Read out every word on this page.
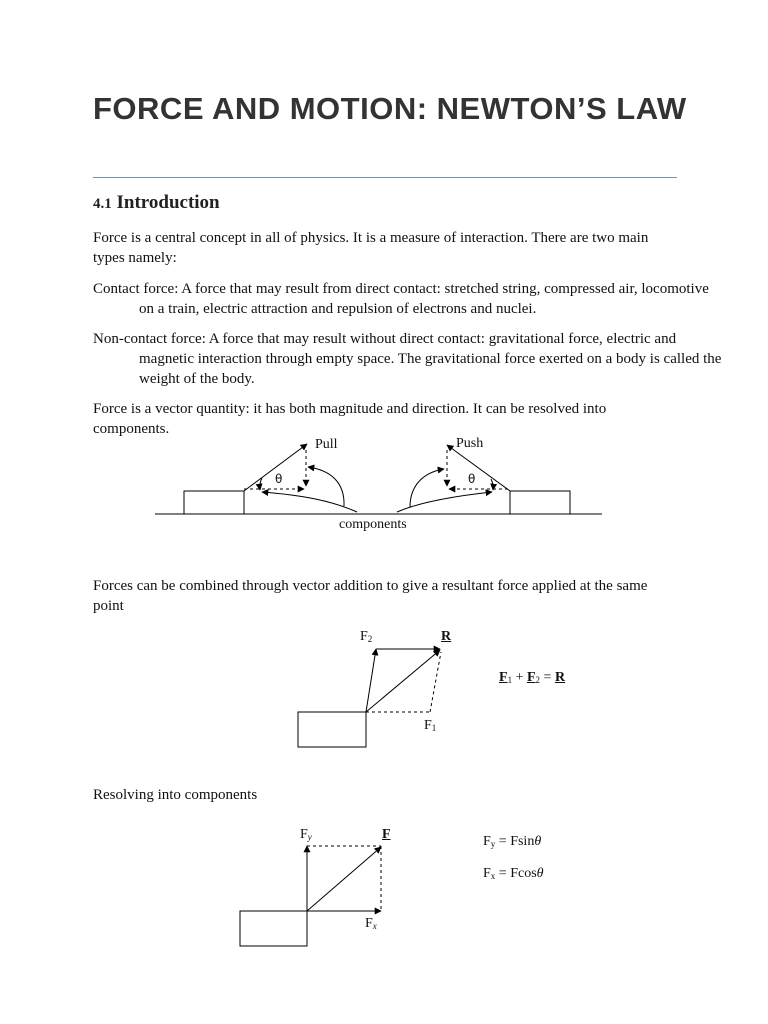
FORCE AND MOTION: NEWTON’S LAW
4.1 Introduction

Force is a central concept in all of physics. It is a measure of interaction. There are two main types namely:

Contact force: A force that may result from direct contact: stretched string, compressed air, locomotive on a train, electric attraction and repulsion of electrons and nuclei.

Non-contact force: A force that may result without direct contact: gravitational force, electric and magnetic interaction through empty space. The gravitational force exerted on a body is called the weight of the body.

Force is a vector quantity: it has both magnitude and direction. It can be resolved into components.

Pull	Push
θ	θ
components

Forces can be combined through vector addition to give a resultant force applied at the same point

$F_2$	R
$F_1$
$F_1 + F_2 = R$

Resolving into components

$F_y$	F
$F_x$
$F_y = Fsin\theta$
$F_x = Fcos\theta$
